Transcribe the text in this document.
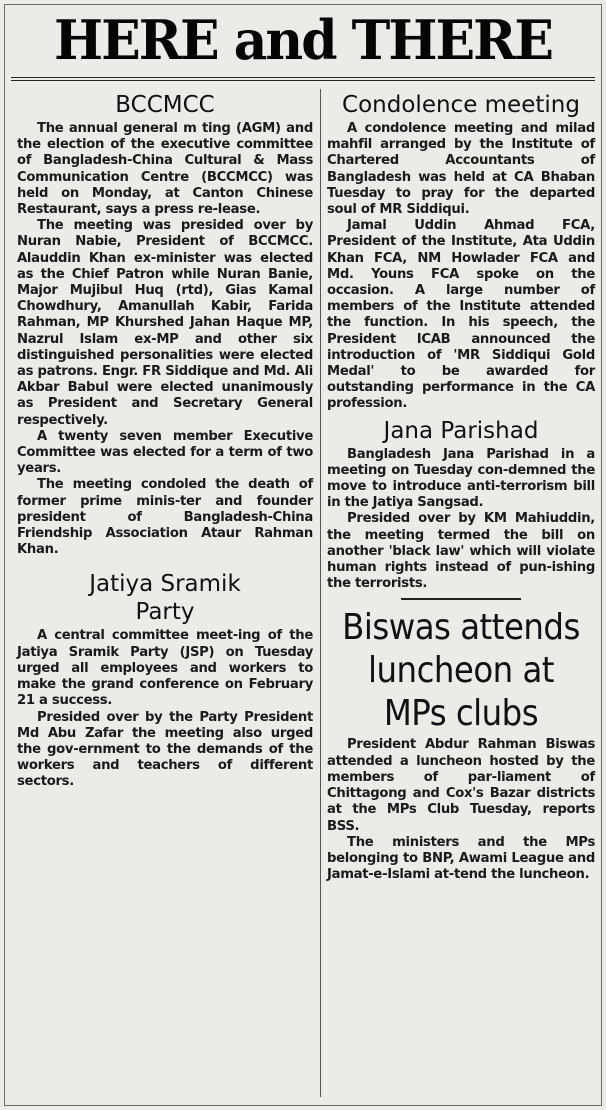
HERE and THERE
BCCMCC

The annual general m ting (AGM) and the election of the executive committee of Bangladesh-China Cultural & Mass Communication Centre (BCCMCC) was held on Monday, at Canton Chinese Restaurant, says a press re-lease.

The meeting was presided over by Nuran Nabie, President of BCCMCC. Alauddin Khan ex-minister was elected as the Chief Patron while Nuran Banie, Major Mujibul Huq (rtd), Gias Kamal Chowdhury, Amanullah Kabir, Farida Rahman, MP Khurshed Jahan Haque MP, Nazrul Islam ex-MP and other six distinguished personalities were elected as patrons. Engr. FR Siddique and Md. Ali Akbar Babul were elected unanimously as President and Secretary General respectively.

A twenty seven member Executive Committee was elected for a term of two years.

The meeting condoled the death of former prime minis-ter and founder president of Bangladesh-China Friendship Association Ataur Rahman Khan.

Jatiya Sramik
Party

A central committee meet-ing of the Jatiya Sramik Party (JSP) on Tuesday urged all employees and workers to make the grand conference on February 21 a success.

Presided over by the Party President Md Abu Zafar the meeting also urged the gov-ernment to the demands of the workers and teachers of different sectors.

Condolence meeting

A condolence meeting and milad mahfil arranged by the Institute of Chartered Accountants of Bangladesh was held at CA Bhaban Tuesday to pray for the departed soul of MR Siddiqui.

Jamal Uddin Ahmad FCA, President of the Institute, Ata Uddin Khan FCA, NM Howlader FCA and Md. Youns FCA spoke on the occasion. A large number of members of the Institute attended the function. In his speech, the President ICAB announced the introduction of 'MR Siddiqui Gold Medal' to be awarded for outstanding performance in the CA profession.

Jana Parishad

Bangladesh Jana Parishad in a meeting on Tuesday con-demned the move to introduce anti-terrorism bill in the Jatiya Sangsad.

Presided over by KM Mahiuddin, the meeting termed the bill on another 'black law' which will violate human rights instead of pun-ishing the terrorists.

Biswas attends
luncheon at
MPs clubs

President Abdur Rahman Biswas attended a luncheon hosted by the members of par-liament of Chittagong and Cox's Bazar districts at the MPs Club Tuesday, reports BSS.

The ministers and the MPs belonging to BNP, Awami League and Jamat-e-Islami at-tend the luncheon.
